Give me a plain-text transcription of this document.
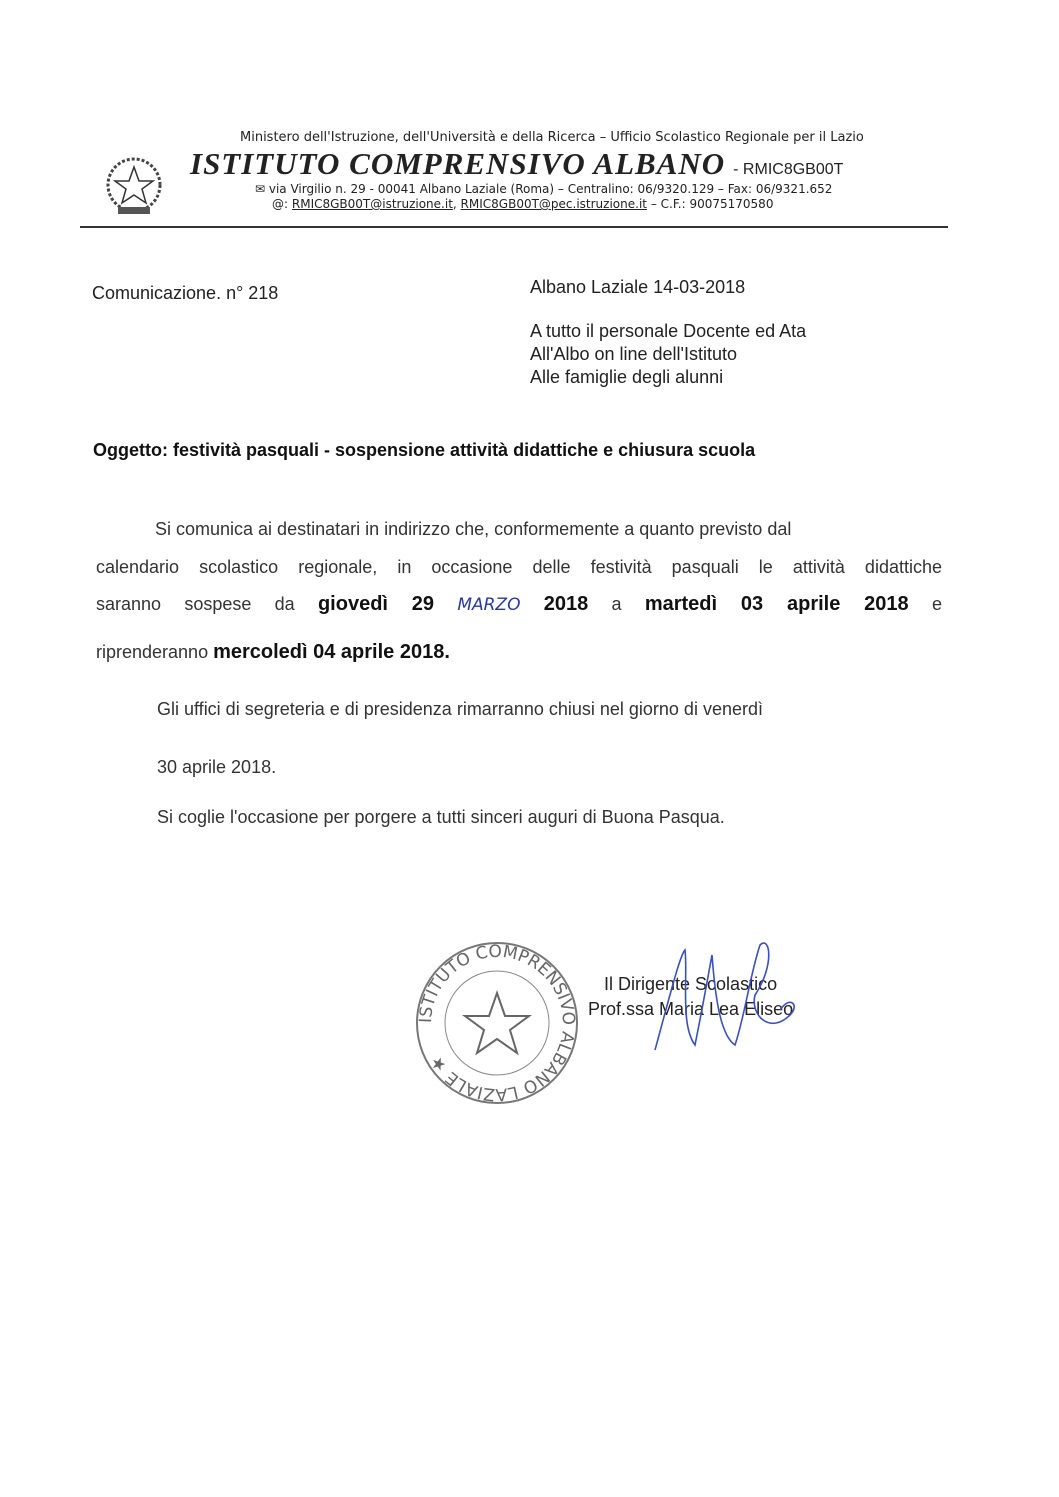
Ministero dell'Istruzione, dell'Università e della Ricerca – Ufficio Scolastico Regionale per il Lazio
ISTITUTO COMPRENSIVO ALBANO - RMIC8GB00T
✉ via Virgilio n. 29 - 00041 Albano Laziale (Roma) – Centralino: 06/9320.129 – Fax: 06/9321.652
@: RMIC8GB00T@istruzione.it, RMIC8GB00T@pec.istruzione.it – C.F.: 90075170580
Comunicazione. n° 218	Albano Laziale 14-03-2018
A tutto il personale Docente ed Ata
All'Albo on line dell'Istituto
Alle famiglie degli alunni
Oggetto: festività pasquali - sospensione attività didattiche e chiusura scuola
Si comunica ai destinatari in indirizzo che, conformemente a quanto previsto dal
calendario scolastico regionale, in occasione delle festività pasquali le attività didattiche
saranno sospese da giovedì 29 MARZO 2018 a martedì 03 aprile 2018 e
riprenderanno mercoledì 04 aprile 2018.
Gli uffici di segreteria e di presidenza rimarranno chiusi nel giorno di venerdì
30 aprile 2018.
Si coglie l'occasione per porgere a tutti sinceri auguri di Buona Pasqua.
ISTITUTO COMPRENSIVO ALBANO LAZIALE ★
Il Dirigente Scolastico
Prof.ssa Maria Lea Eliseo
